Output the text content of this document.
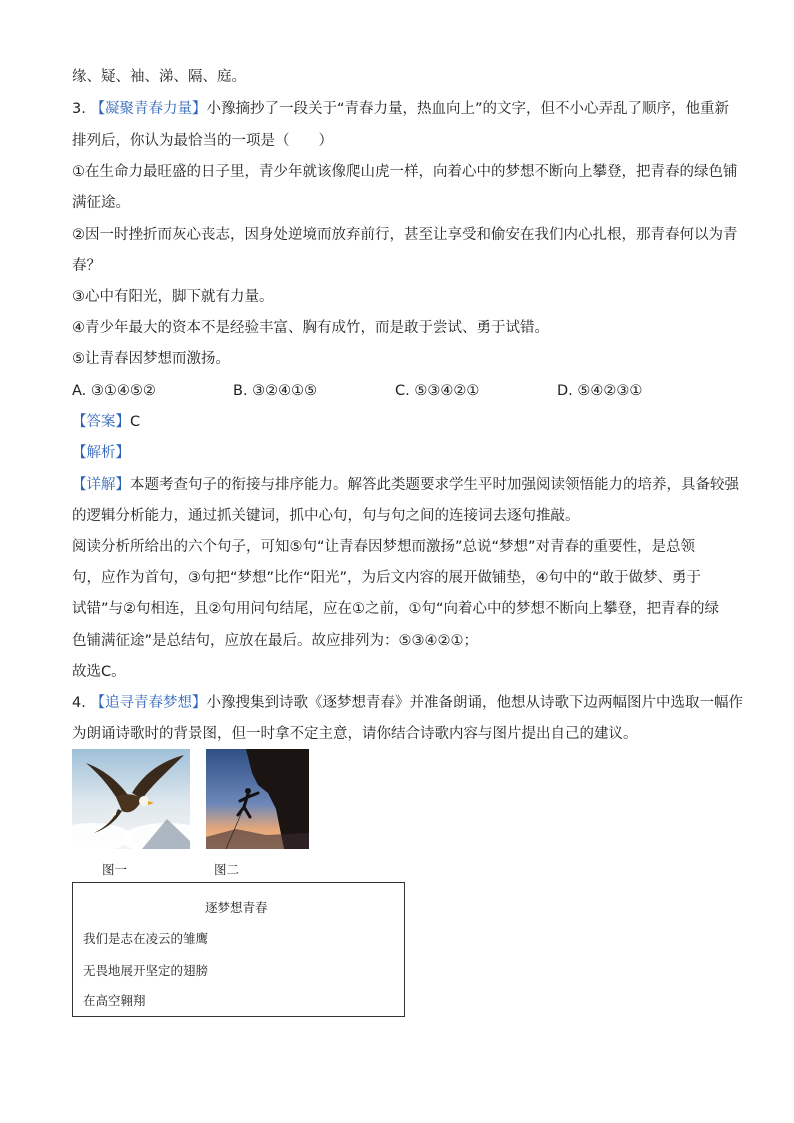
缘、疑、袖、涕、隔、庭。
3. 【凝聚青春力量】小豫摘抄了一段关于“青春力量，热血向上”的文字，但不小心弄乱了顺序，他重新
排列后，你认为最恰当的一项是（　　）
①在生命力最旺盛的日子里，青少年就该像爬山虎一样，向着心中的梦想不断向上攀登，把青春的绿色铺
满征途。
②因一时挫折而灰心丧志，因身处逆境而放弃前行，甚至让享受和偷安在我们内心扎根，那青春何以为青
春？
③心中有阳光，脚下就有力量。
④青少年最大的资本不是经验丰富、胸有成竹，而是敢于尝试、勇于试错。
⑤让青春因梦想而激扬。
A. ③①④⑤②	B. ③②④①⑤	C. ⑤③④②①	D. ⑤④②③①
【答案】C
【解析】
【详解】本题考查句子的衔接与排序能力。解答此类题要求学生平时加强阅读领悟能力的培养，具备较强
的逻辑分析能力，通过抓关键词，抓中心句，句与句之间的连接词去逐句推敲。
阅读分析所给出的六个句子，可知⑤句“让青春因梦想而激扬”总说“梦想”对青春的重要性，是总领
句，应作为首句，③句把“梦想”比作“阳光”，为后文内容的展开做铺垫，④句中的“敢于做梦、勇于
试错”与②句相连，且②句用问句结尾，应在①之前，①句“向着心中的梦想不断向上攀登，把青春的绿
色铺满征途”是总结句，应放在最后。故应排列为：⑤③④②①；
故选C。
4. 【追寻青春梦想】小豫搜集到诗歌《逐梦想青春》并准备朗诵，他想从诗歌下边两幅图片中选取一幅作
为朗诵诗歌时的背景图，但一时拿不定主意，请你结合诗歌内容与图片提出自己的建议。
图一	图二
逐梦想青春
我们是志在凌云的雏鹰
无畏地展开坚定的翅膀
在高空翱翔
